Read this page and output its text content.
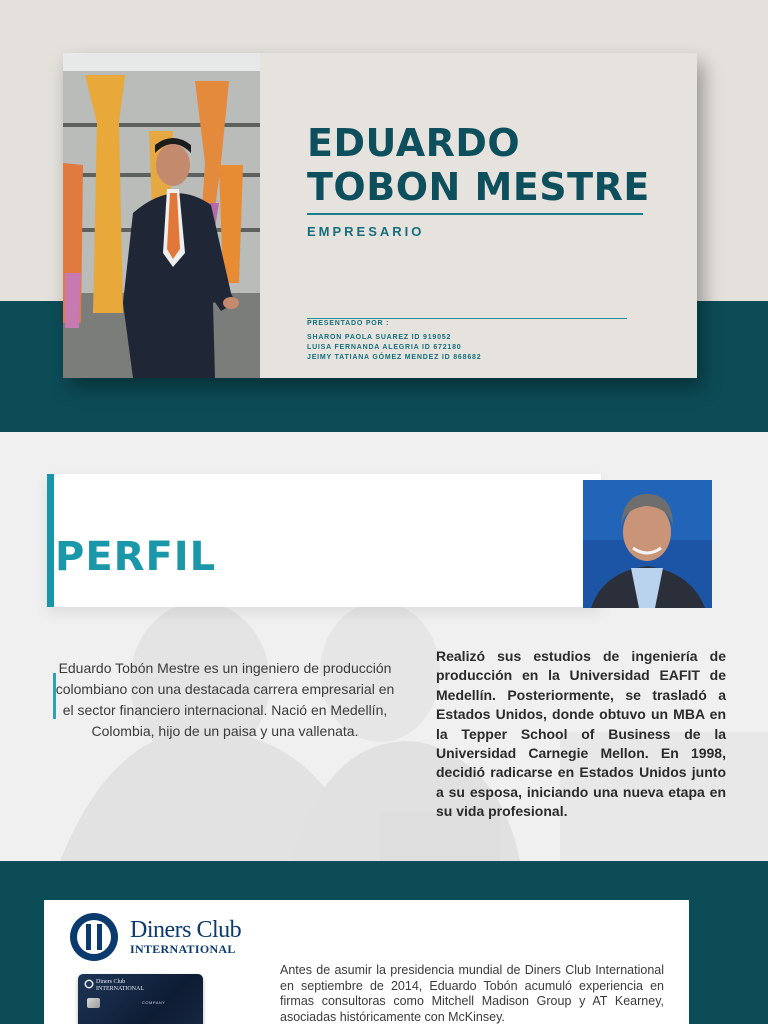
EDUARDO
TOBON MESTRE
EMPRESARIO
PRESENTADO POR :
SHARON PAOLA SUAREZ ID 919052
LUISA FERNANDA ALEGRIA ID 672180
JEIMY TATIANA GÓMEZ MENDEZ ID 868682
PERFIL

Eduardo Tobón Mestre es un ingeniero de producción colombiano con una destacada carrera empresarial en el sector financiero internacional. Nació en Medellín, Colombia, hijo de un paisa y una vallenata.

Realizó sus estudios de ingeniería de producción en la Universidad EAFIT de Medellín. Posteriormente, se trasladó a Estados Unidos, donde obtuvo un MBA en la Tepper School of Business de la Universidad Carnegie Mellon. En 1998, decidió radicarse en Estados Unidos junto a su esposa, iniciando una nueva etapa en su vida profesional.

Diners Club
INTERNATIONAL
Diners Club
INTERNATIONAL
COMPANY

Antes de asumir la presidencia mundial de Diners Club International en septiembre de 2014, Eduardo Tobón acumuló experiencia en firmas consultoras como Mitchell Madison Group y AT Kearney, asociadas históricamente con McKinsey.
